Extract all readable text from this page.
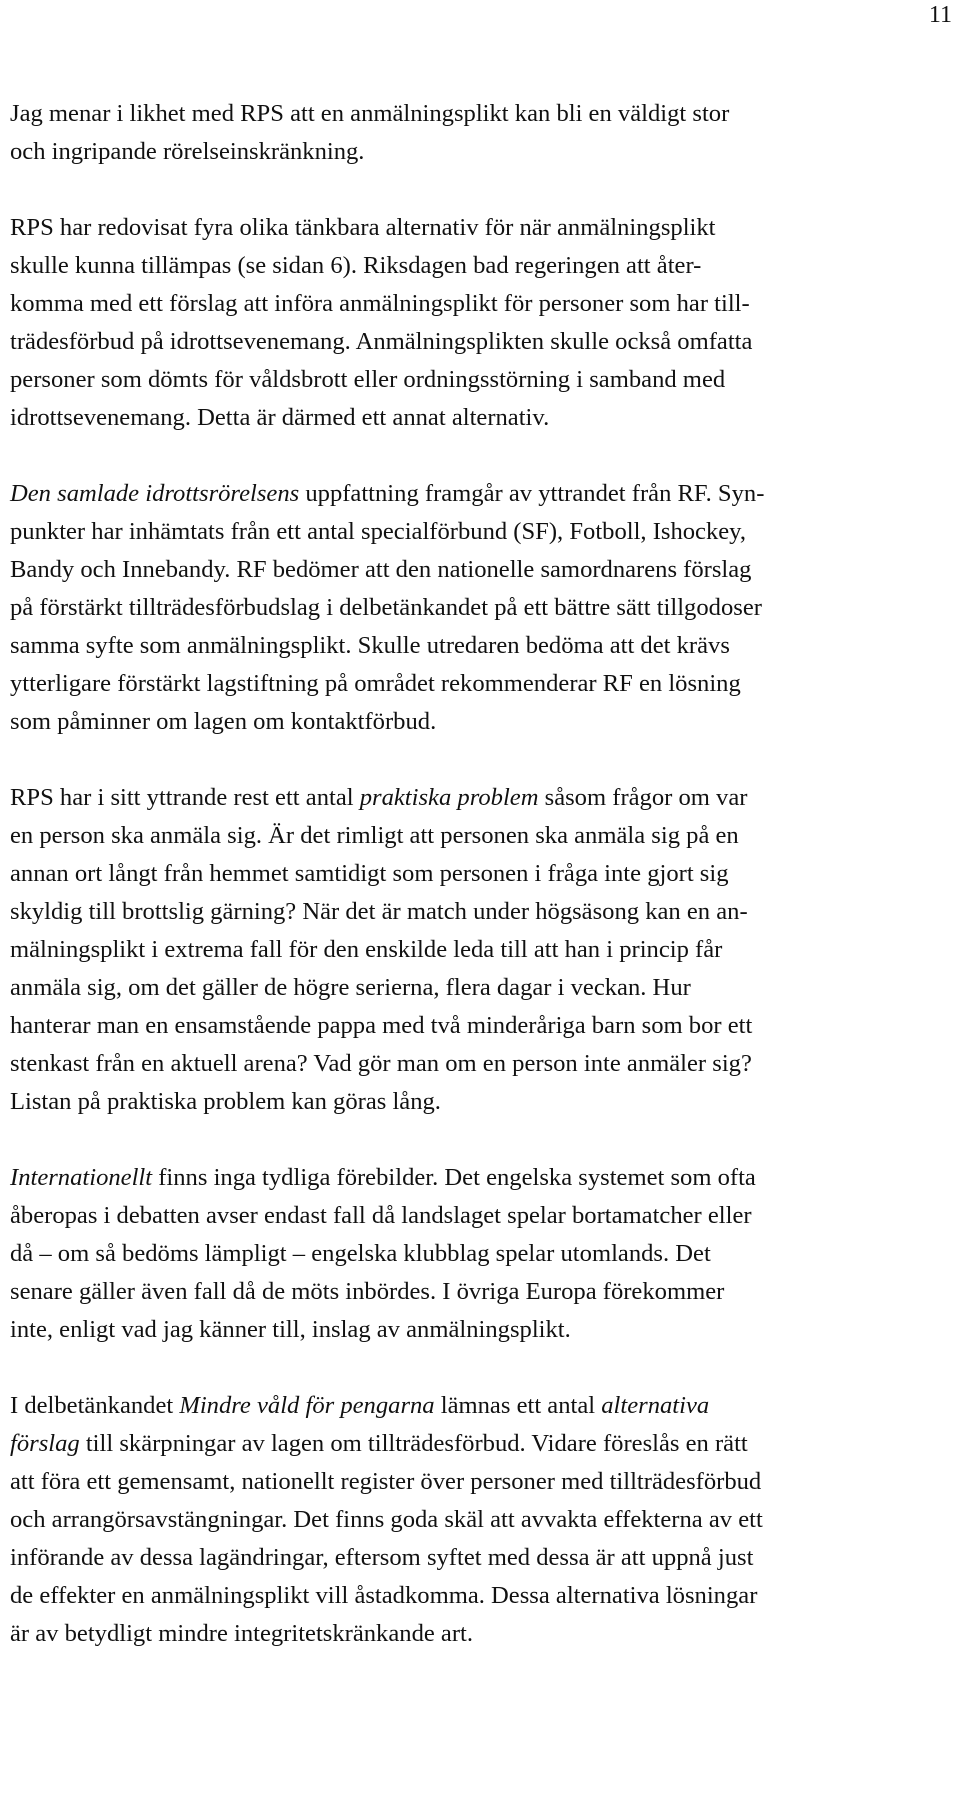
11

Jag menar i likhet med RPS att en anmälningsplikt kan bli en väldigt stor
och ingripande rörelseinskränkning.

RPS har redovisat fyra olika tänkbara alternativ för när anmälningsplikt
skulle kunna tillämpas (se sidan 6). Riksdagen bad regeringen att åter-
komma med ett förslag att införa anmälningsplikt för personer som har till-
trädesförbud på idrottsevenemang. Anmälningsplikten skulle också omfatta
personer som dömts för våldsbrott eller ordningsstörning i samband med
idrottsevenemang. Detta är därmed ett annat alternativ.

Den samlade idrottsrörelsens uppfattning framgår av yttrandet från RF. Syn-
punkter har inhämtats från ett antal specialförbund (SF), Fotboll, Ishockey,
Bandy och Innebandy. RF bedömer att den nationelle samordnarens förslag
på förstärkt tillträdesförbudslag i delbetänkandet på ett bättre sätt tillgodoser
samma syfte som anmälningsplikt. Skulle utredaren bedöma att det krävs
ytterligare förstärkt lagstiftning på området rekommenderar RF en lösning
som påminner om lagen om kontaktförbud.

RPS har i sitt yttrande rest ett antal praktiska problem såsom frågor om var
en person ska anmäla sig. Är det rimligt att personen ska anmäla sig på en
annan ort långt från hemmet samtidigt som personen i fråga inte gjort sig
skyldig till brottslig gärning? När det är match under högsäsong kan en an-
mälningsplikt i extrema fall för den enskilde leda till att han i princip får
anmäla sig, om det gäller de högre serierna, flera dagar i veckan. Hur
hanterar man en ensamstående pappa med två minderåriga barn som bor ett
stenkast från en aktuell arena? Vad gör man om en person inte anmäler sig?
Listan på praktiska problem kan göras lång.

Internationellt finns inga tydliga förebilder. Det engelska systemet som ofta
åberopas i debatten avser endast fall då landslaget spelar bortamatcher eller
då – om så bedöms lämpligt – engelska klubblag spelar utomlands. Det
senare gäller även fall då de möts inbördes. I övriga Europa förekommer
inte, enligt vad jag känner till, inslag av anmälningsplikt.

I delbetänkandet Mindre våld för pengarna lämnas ett antal alternativa
förslag till skärpningar av lagen om tillträdesförbud. Vidare föreslås en rätt
att föra ett gemensamt, nationellt register över personer med tillträdesförbud
och arrangörsavstängningar. Det finns goda skäl att avvakta effekterna av ett
införande av dessa lagändringar, eftersom syftet med dessa är att uppnå just
de effekter en anmälningsplikt vill åstadkomma. Dessa alternativa lösningar
är av betydligt mindre integritetskränkande art.
